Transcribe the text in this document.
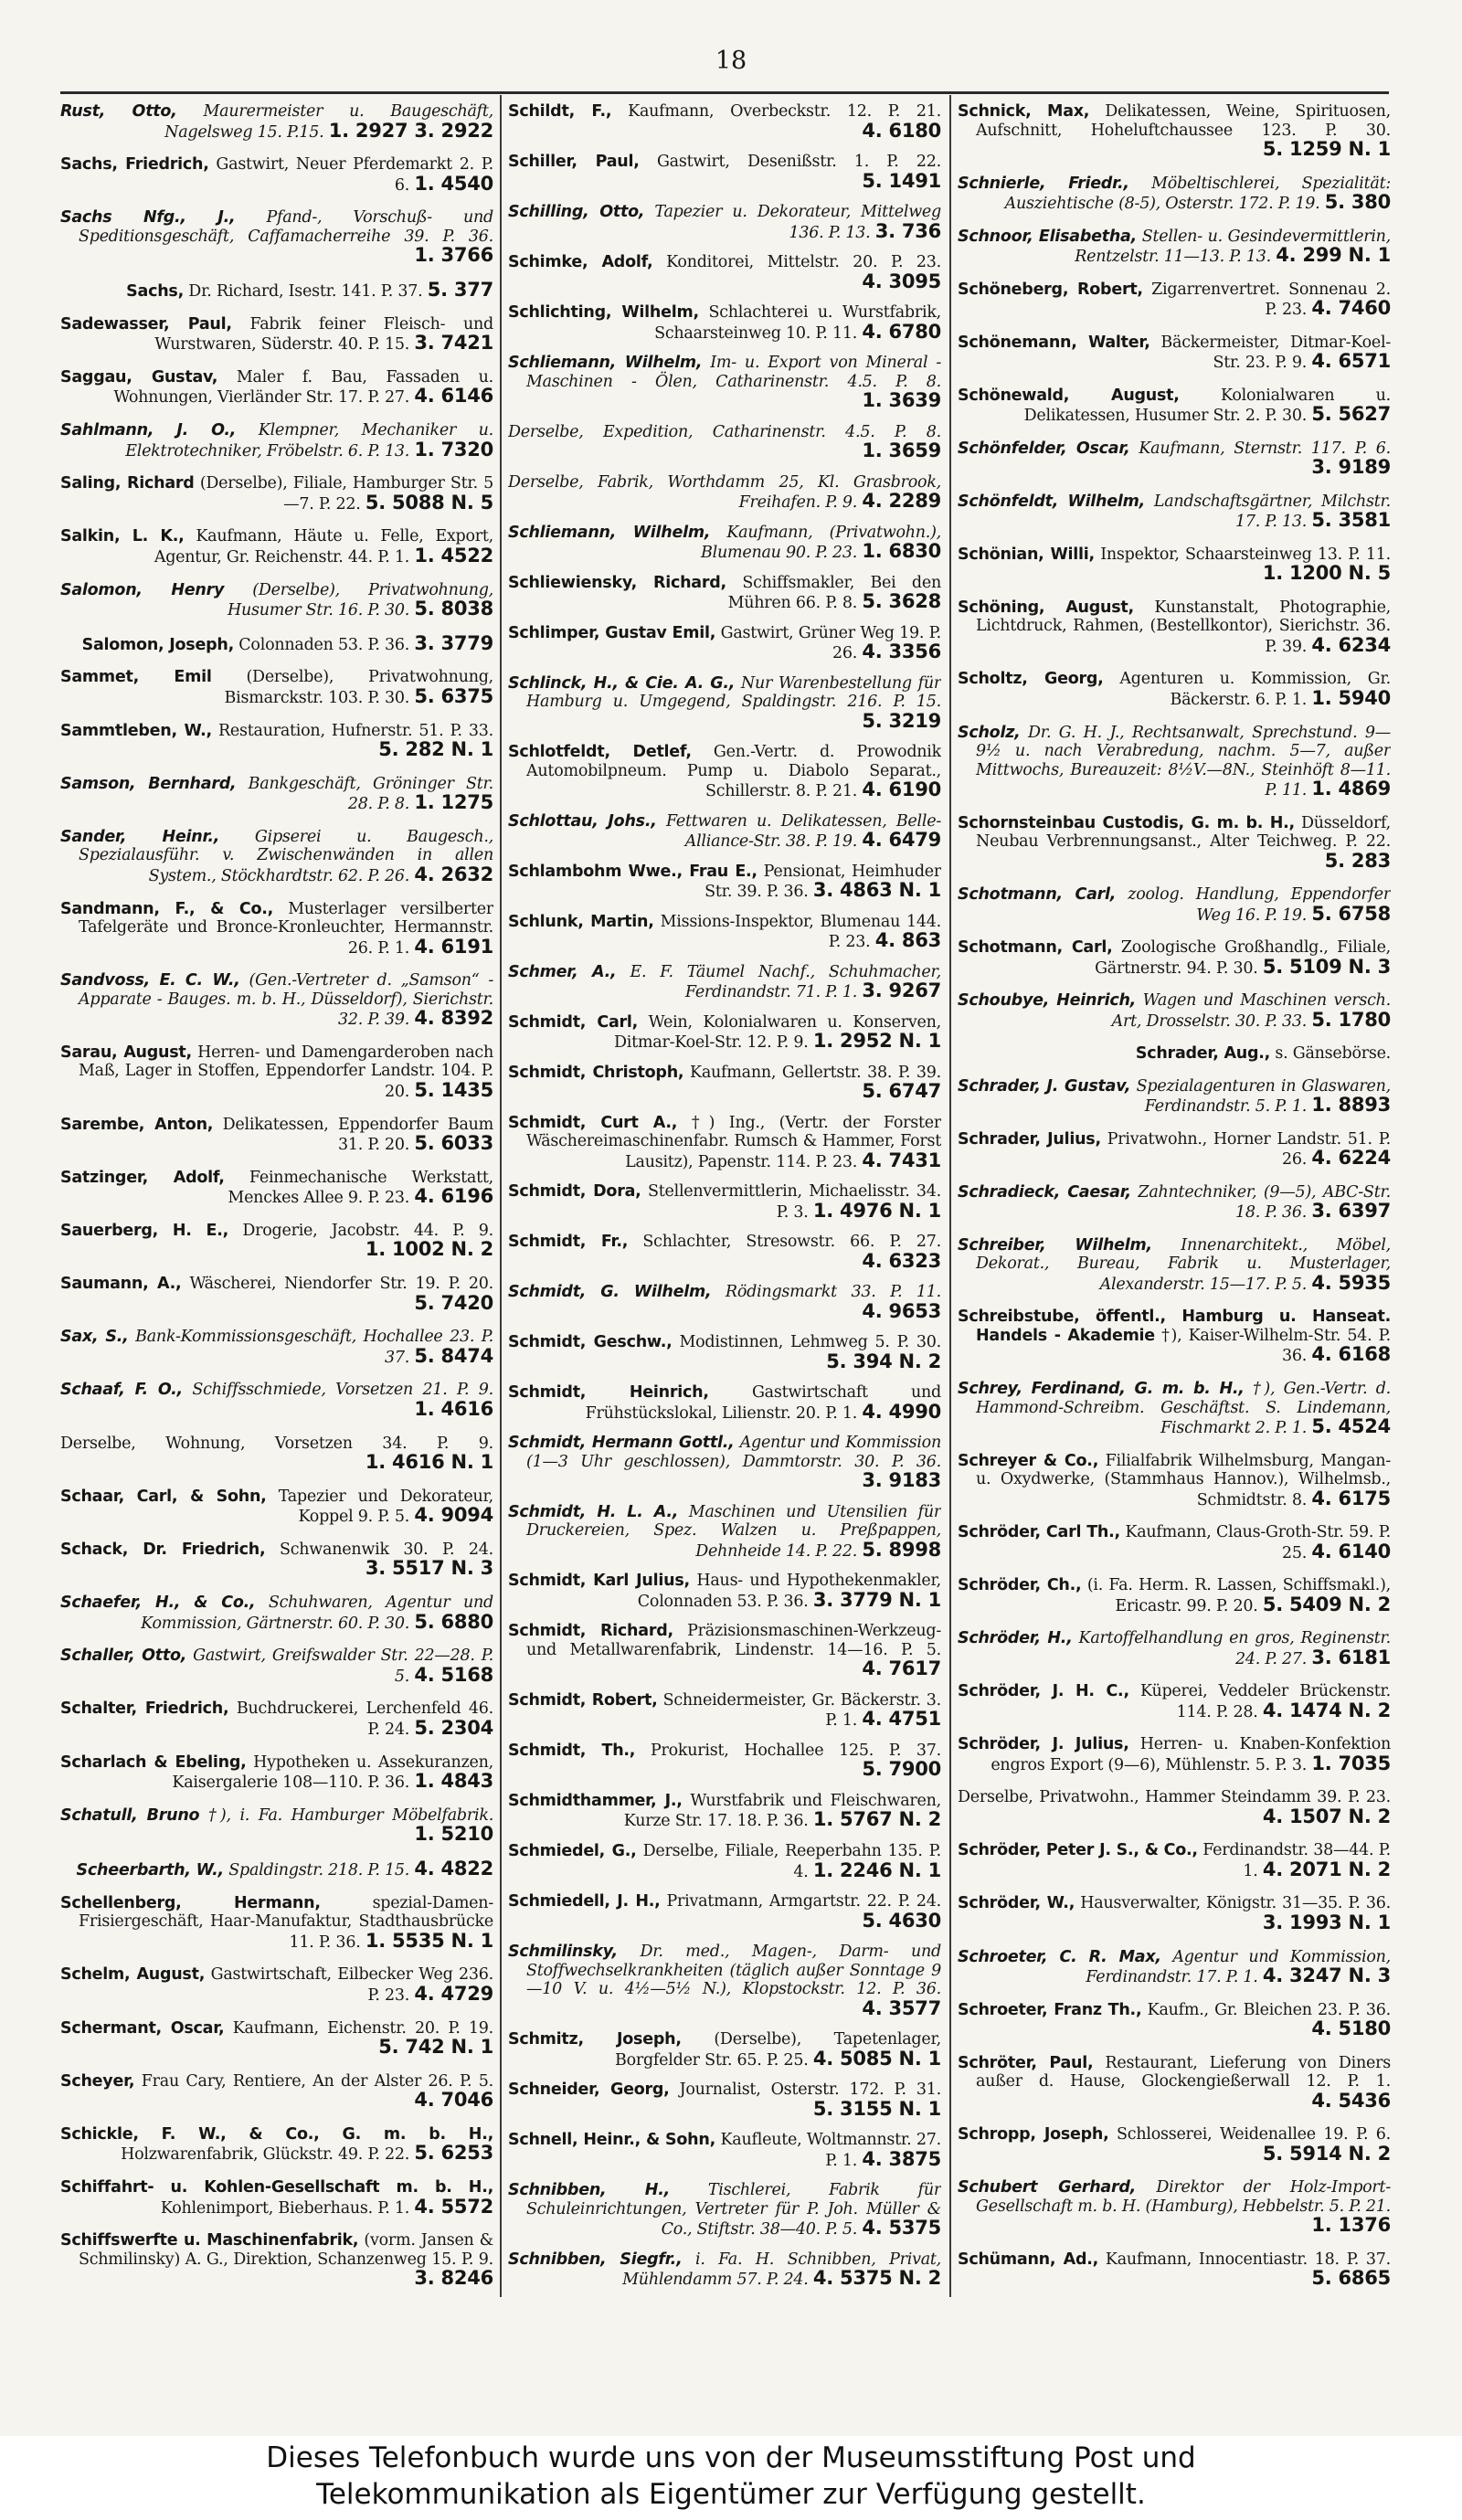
18

Rust, Otto, Maurermeister u. Baugeschäft, Nagelsweg 15. P.15. 1. 2927 3. 2922

Sachs, Friedrich, Gastwirt, Neuer Pferdemarkt 2. P. 6. 1. 4540

Sachs Nfg., J., Pfand-, Vorschuß- und Speditionsgeschäft, Caffamacherreihe 39. P. 36. 1. 3766

Sachs, Dr. Richard, Isestr. 141. P. 37. 5. 377

Sadewasser, Paul, Fabrik feiner Fleisch- und Wurstwaren, Süderstr. 40. P. 15. 3. 7421

Saggau, Gustav, Maler f. Bau, Fassaden u. Wohnungen, Vierländer Str. 17. P. 27. 4. 6146

Sahlmann, J. O., Klempner, Mechaniker u. Elektrotechniker, Fröbelstr. 6. P. 13. 1. 7320

Saling, Richard (Derselbe), Filiale, Hamburger Str. 5—7. P. 22. 5. 5088 N. 5

Salkin, L. K., Kaufmann, Häute u. Felle, Export, Agentur, Gr. Reichenstr. 44. P. 1. 1. 4522

Salomon, Henry (Derselbe), Privatwohnung, Husumer Str. 16. P. 30. 5. 8038

Salomon, Joseph, Colonnaden 53. P. 36. 3. 3779

Sammet, Emil (Derselbe), Privatwohnung, Bismarckstr. 103. P. 30. 5. 6375

Sammtleben, W., Restauration, Hufnerstr. 51. P. 33. 5. 282 N. 1

Samson, Bernhard, Bankgeschäft, Gröninger Str. 28. P. 8. 1. 1275

Sander, Heinr., Gipserei u. Baugesch., Spezialausführ. v. Zwischenwänden in allen System., Stöckhardtstr. 62. P. 26. 4. 2632

Sandmann, F., & Co., Musterlager versilberter Tafelgeräte und Bronce-Kronleuchter, Hermannstr. 26. P. 1. 4. 6191

Sandvoss, E. C. W., (Gen.-Vertreter d. „Samson“ - Apparate - Bauges. m. b. H., Düsseldorf), Sierichstr. 32. P. 39. 4. 8392

Sarau, August, Herren- und Damengarderoben nach Maß, Lager in Stoffen, Eppendorfer Landstr. 104. P. 20. 5. 1435

Sarembe, Anton, Delikatessen, Eppendorfer Baum 31. P. 20. 5. 6033

Satzinger, Adolf, Feinmechanische Werkstatt, Menckes Allee 9. P. 23. 4. 6196

Sauerberg, H. E., Drogerie, Jacobstr. 44. P. 9. 1. 1002 N. 2

Saumann, A., Wäscherei, Niendorfer Str. 19. P. 20. 5. 7420

Sax, S., Bank-Kommissionsgeschäft, Hochallee 23. P. 37. 5. 8474

Schaaf, F. O., Schiffsschmiede, Vorsetzen 21. P. 9. 1. 4616

Derselbe, Wohnung, Vorsetzen 34. P. 9. 1. 4616 N. 1

Schaar, Carl, & Sohn, Tapezier und Dekorateur, Koppel 9. P. 5. 4. 9094

Schack, Dr. Friedrich, Schwanenwik 30. P. 24. 3. 5517 N. 3

Schaefer, H., & Co., Schuhwaren, Agentur und Kommission, Gärtnerstr. 60. P. 30. 5. 6880

Schaller, Otto, Gastwirt, Greifswalder Str. 22—28. P. 5. 4. 5168

Schalter, Friedrich, Buchdruckerei, Lerchenfeld 46. P. 24. 5. 2304

Scharlach & Ebeling, Hypotheken u. Assekuranzen, Kaisergalerie 108—110. P. 36. 1. 4843

Schatull, Bruno †), i. Fa. Hamburger Möbelfabrik. 1. 5210

Scheerbarth, W., Spaldingstr. 218. P. 15. 4. 4822

Schellenberg, Hermann,	spezial-Damen-Frisiergeschäft, Haar-Manufaktur, Stadthausbrücke 11. P. 36. 1. 5535 N. 1

Schelm, August, Gastwirtschaft, Eilbecker Weg 236. P. 23. 4. 4729

Schermant, Oscar, Kaufmann, Eichenstr. 20. P. 19. 5. 742 N. 1

Scheyer, Frau Cary, Rentiere, An der Alster 26. P. 5. 4. 7046

Schickle, F. W., & Co., G. m. b. H., Holzwarenfabrik, Glückstr. 49. P. 22. 5. 6253

Schiffahrt- u. Kohlen-Gesellschaft m. b. H., Kohlenimport, Bieberhaus. P. 1. 4. 5572

Schiffswerfte u. Maschinenfabrik, (vorm. Jansen & Schmilinsky) A. G., Direktion, Schanzenweg 15. P. 9. 3. 8246

Schildt, F., Kaufmann, Overbeckstr. 12. P. 21. 4. 6180

Schiller, Paul, Gastwirt, Desenißstr. 1. P. 22. 5. 1491

Schilling, Otto, Tapezier u. Dekorateur, Mittelweg 136. P. 13. 3. 736

Schimke, Adolf, Konditorei, Mittelstr. 20. P. 23. 4. 3095

Schlichting, Wilhelm, Schlachterei u. Wurstfabrik, Schaarsteinweg 10. P. 11. 4. 6780

Schliemann, Wilhelm, Im- u. Export von Mineral - Maschinen - Ölen, Catharinenstr. 4.5. P. 8. 1. 3639

Derselbe, Expedition, Catharinenstr. 4.5. P. 8. 1. 3659

Derselbe, Fabrik, Worthdamm 25, Kl. Grasbrook, Freihafen. P. 9. 4. 2289

Schliemann, Wilhelm, Kaufmann, (Privatwohn.), Blumenau 90. P. 23. 1. 6830

Schliewiensky, Richard, Schiffsmakler, Bei den Mühren 66. P. 8. 5. 3628

Schlimper, Gustav Emil, Gastwirt, Grüner Weg 19. P. 26. 4. 3356

Schlinck, H., & Cie. A. G., Nur Warenbestellung für Hamburg u. Umgegend, Spaldingstr. 216. P. 15. 5. 3219

Schlotfeldt, Detlef, Gen.-Vertr. d. Prowodnik Automobilpneum. Pump u. Diabolo Separat., Schillerstr. 8. P. 21. 4. 6190

Schlottau, Johs., Fettwaren u. Delikatessen, Belle-Alliance-Str. 38. P. 19. 4. 6479

Schlambohm Wwe., Frau E., Pensionat, Heimhuder Str. 39. P. 36. 3. 4863 N. 1

Schlunk, Martin, Missions-Inspektor, Blumenau 144. P. 23. 4. 863

Schmer, A., E. F. Täumel Nachf., Schuhmacher, Ferdinandstr. 71. P. 1. 3. 9267

Schmidt, Carl, Wein, Kolonialwaren u. Konserven, Ditmar-Koel-Str. 12. P. 9. 1. 2952 N. 1

Schmidt, Christoph, Kaufmann, Gellertstr. 38. P. 39. 5. 6747

Schmidt, Curt A., †) Ing., (Vertr. der Forster Wäschereimaschinenfabr. Rumsch & Hammer, Forst Lausitz), Papenstr. 114. P. 23. 4. 7431

Schmidt, Dora, Stellenvermittlerin, Michaelisstr. 34. P. 3. 1. 4976 N. 1

Schmidt, Fr., Schlachter, Stresowstr. 66. P. 27. 4. 6323

Schmidt, G. Wilhelm, Rödingsmarkt 33. P. 11. 4. 9653

Schmidt, Geschw., Modistinnen, Lehmweg 5. P. 30. 5. 394 N. 2

Schmidt, Heinrich,	Gastwirtschaft und Frühstückslokal, Lilienstr. 20. P. 1. 4. 4990

Schmidt, Hermann Gottl., Agentur und Kommission (1—3 Uhr geschlossen), Dammtorstr. 30. P. 36. 3. 9183

Schmidt, H. L. A., Maschinen und Utensilien für Druckereien, Spez. Walzen u. Preßpappen, Dehnheide 14. P. 22. 5. 8998

Schmidt, Karl Julius, Haus- und Hypothekenmakler, Colonnaden 53. P. 36. 3. 3779 N. 1

Schmidt, Richard, Präzisionsmaschinen-Werkzeug- und Metallwarenfabrik, Lindenstr. 14—16. P. 5. 4. 7617

Schmidt, Robert, Schneidermeister, Gr. Bäckerstr. 3. P. 1. 4. 4751

Schmidt, Th., Prokurist, Hochallee 125. P. 37. 5. 7900

Schmidthammer, J., Wurstfabrik und Fleischwaren, Kurze Str. 17. 18. P. 36. 1. 5767 N. 2

Schmiedel, G., Derselbe, Filiale, Reeperbahn 135. P. 4. 1. 2246 N. 1

Schmiedell, J. H., Privatmann, Armgartstr. 22. P. 24. 5. 4630

Schmilinsky, Dr. med., Magen-, Darm- und Stoffwechselkrankheiten (täglich außer Sonntage 9—10 V. u. 4½—5½ N.), Klopstockstr. 12. P. 36. 4. 3577

Schmitz, Joseph, (Derselbe), Tapetenlager, Borgfelder Str. 65. P. 25. 4. 5085 N. 1

Schneider, Georg, Journalist, Osterstr. 172. P. 31. 5. 3155 N. 1

Schnell, Heinr., & Sohn, Kaufleute, Woltmannstr. 27. P. 1. 4. 3875

Schnibben, H., Tischlerei, Fabrik für Schuleinrichtungen, Vertreter für P. Joh. Müller & Co., Stiftstr. 38—40. P. 5. 4. 5375

Schnibben, Siegfr., i. Fa. H. Schnibben, Privat, Mühlendamm 57. P. 24. 4. 5375 N. 2

Schnick, Max, Delikatessen, Weine, Spirituosen, Aufschnitt, Hoheluftchaussee 123. P. 30. 5. 1259 N. 1

Schnierle, Friedr., Möbeltischlerei, Spezialität: Ausziehtische (8-5), Osterstr. 172. P. 19. 5. 380

Schnoor, Elisabetha, Stellen- u. Gesindevermittlerin, Rentzelstr. 11—13. P. 13. 4. 299 N. 1

Schöneberg, Robert, Zigarrenvertret. Sonnenau 2. P. 23. 4. 7460

Schönemann, Walter, Bäckermeister, Ditmar-Koel-Str. 23. P. 9. 4. 6571

Schönewald, August,	Kolonialwaren u. Delikatessen, Husumer Str. 2. P. 30. 5. 5627

Schönfelder, Oscar, Kaufmann, Sternstr. 117. P. 6. 3. 9189

Schönfeldt, Wilhelm, Landschaftsgärtner, Milchstr. 17. P. 13. 5. 3581

Schönian, Willi, Inspektor, Schaarsteinweg 13. P. 11. 1. 1200 N. 5

Schöning, August, Kunstanstalt, Photographie, Lichtdruck, Rahmen, (Bestellkontor), Sierichstr. 36. P. 39. 4. 6234

Scholtz, Georg, Agenturen u. Kommission, Gr. Bäckerstr. 6. P. 1. 1. 5940

Scholz, Dr. G. H. J., Rechtsanwalt, Sprechstund. 9—9½ u. nach Verabredung, nachm. 5—7, außer Mittwochs, Bureauzeit: 8½V.—8N., Steinhöft 8—11. P. 11. 1. 4869

Schornsteinbau Custodis, G. m. b. H., Düsseldorf, Neubau Verbrennungsanst., Alter Teichweg. P. 22. 5. 283

Schotmann, Carl, zoolog. Handlung, Eppendorfer Weg 16. P. 19. 5. 6758

Schotmann, Carl, Zoologische Großhandlg., Filiale, Gärtnerstr. 94. P. 30. 5. 5109 N. 3

Schoubye, Heinrich, Wagen und Maschinen versch. Art, Drosselstr. 30. P. 33. 5. 1780

Schrader, Aug., s. Gänsebörse.

Schrader, J. Gustav, Spezialagenturen in Glaswaren, Ferdinandstr. 5. P. 1. 1. 8893

Schrader, Julius, Privatwohn., Horner Landstr. 51. P. 26. 4. 6224

Schradieck, Caesar, Zahntechniker, (9—5), ABC-Str. 18. P. 36. 3. 6397

Schreiber, Wilhelm, Innenarchitekt., Möbel, Dekorat., Bureau, Fabrik u. Musterlager, Alexanderstr. 15—17. P. 5. 4. 5935

Schreibstube, öffentl., Hamburg u. Hanseat. Handels - Akademie †), Kaiser-Wilhelm-Str. 54. P. 36. 4. 6168

Schrey, Ferdinand, G. m. b. H., †), Gen.-Vertr. d. Hammond-Schreibm. Geschäftst. S. Lindemann, Fischmarkt 2. P. 1. 5. 4524

Schreyer & Co., Filialfabrik Wilhelmsburg, Mangan- u. Oxydwerke, (Stammhaus Hannov.), Wilhelmsb., Schmidtstr. 8. 4. 6175

Schröder, Carl Th., Kaufmann, Claus-Groth-Str. 59. P. 25. 4. 6140

Schröder, Ch., (i. Fa. Herm. R. Lassen, Schiffsmakl.), Ericastr. 99. P. 20. 5. 5409 N. 2

Schröder, H., Kartoffelhandlung en gros, Reginenstr. 24. P. 27. 3. 6181

Schröder, J. H. C., Küperei, Veddeler Brückenstr. 114. P. 28. 4. 1474 N. 2

Schröder, J. Julius, Herren- u. Knaben-Konfektion engros Export (9—6), Mühlenstr. 5. P. 3. 1. 7035

Derselbe, Privatwohn., Hammer Steindamm 39. P. 23. 4. 1507 N. 2

Schröder, Peter J. S., & Co., Ferdinandstr. 38—44. P. 1. 4. 2071 N. 2

Schröder, W., Hausverwalter, Königstr. 31—35. P. 36. 3. 1993 N. 1

Schroeter, C. R. Max, Agentur und Kommission, Ferdinandstr. 17. P. 1. 4. 3247 N. 3

Schroeter, Franz Th., Kaufm., Gr. Bleichen 23. P. 36. 4. 5180

Schröter, Paul, Restaurant, Lieferung von Diners außer d. Hause, Glockengießerwall 12. P. 1. 4. 5436

Schropp, Joseph, Schlosserei, Weidenallee 19. P. 6. 5. 5914 N. 2

Schubert Gerhard, Direktor der Holz-Import-Gesellschaft m. b. H. (Hamburg), Hebbelstr. 5. P. 21. 1. 1376

Schümann, Ad., Kaufmann, Innocentiastr. 18. P. 37. 5. 6865

Dieses Telefonbuch wurde uns von der Museumsstiftung Post und
Telekommunikation als Eigentümer zur Verfügung gestellt.
